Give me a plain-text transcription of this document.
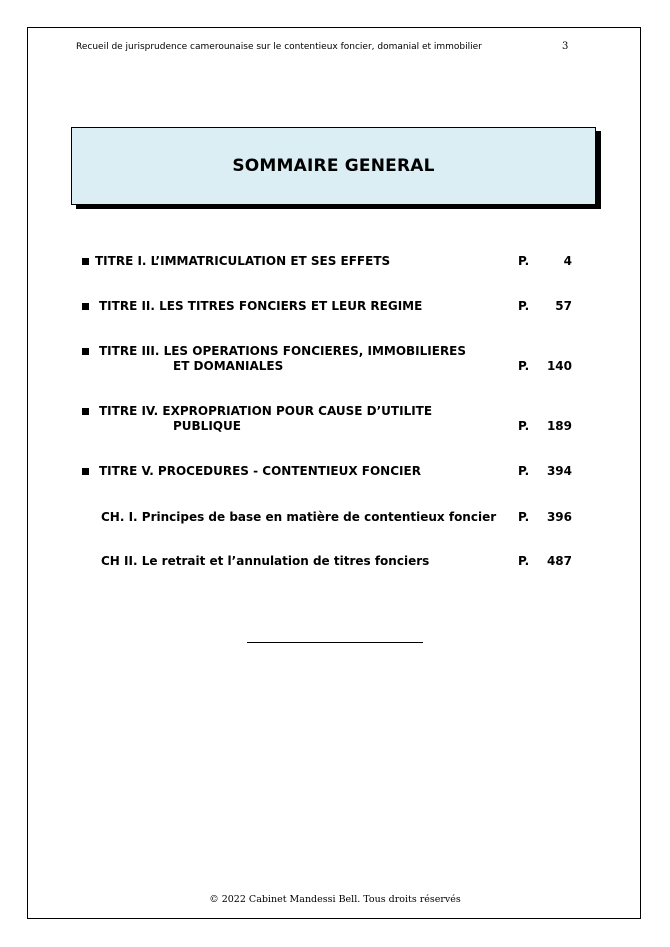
Recueil de jurisprudence camerounaise sur le contentieux foncier, domanial et immobilier	3
SOMMAIRE GENERAL
TITRE I. L’IMMATRICULATION ET SES EFFETS	P.	4
TITRE II. LES TITRES FONCIERS ET LEUR REGIME	P. 57
TITRE III. LES OPERATIONS FONCIERES, IMMOBILIERES
ET DOMANIALES	P. 140
TITRE IV. EXPROPRIATION POUR CAUSE D’UTILITE
PUBLIQUE	P. 189
TITRE V. PROCEDURES - CONTENTIEUX FONCIER	P. 394
CH. I. Principes de base en matière de contentieux foncier P. 396
CH II. Le retrait et l’annulation de titres fonciers	P. 487
© 2022 Cabinet Mandessi Bell. Tous droits réservés
